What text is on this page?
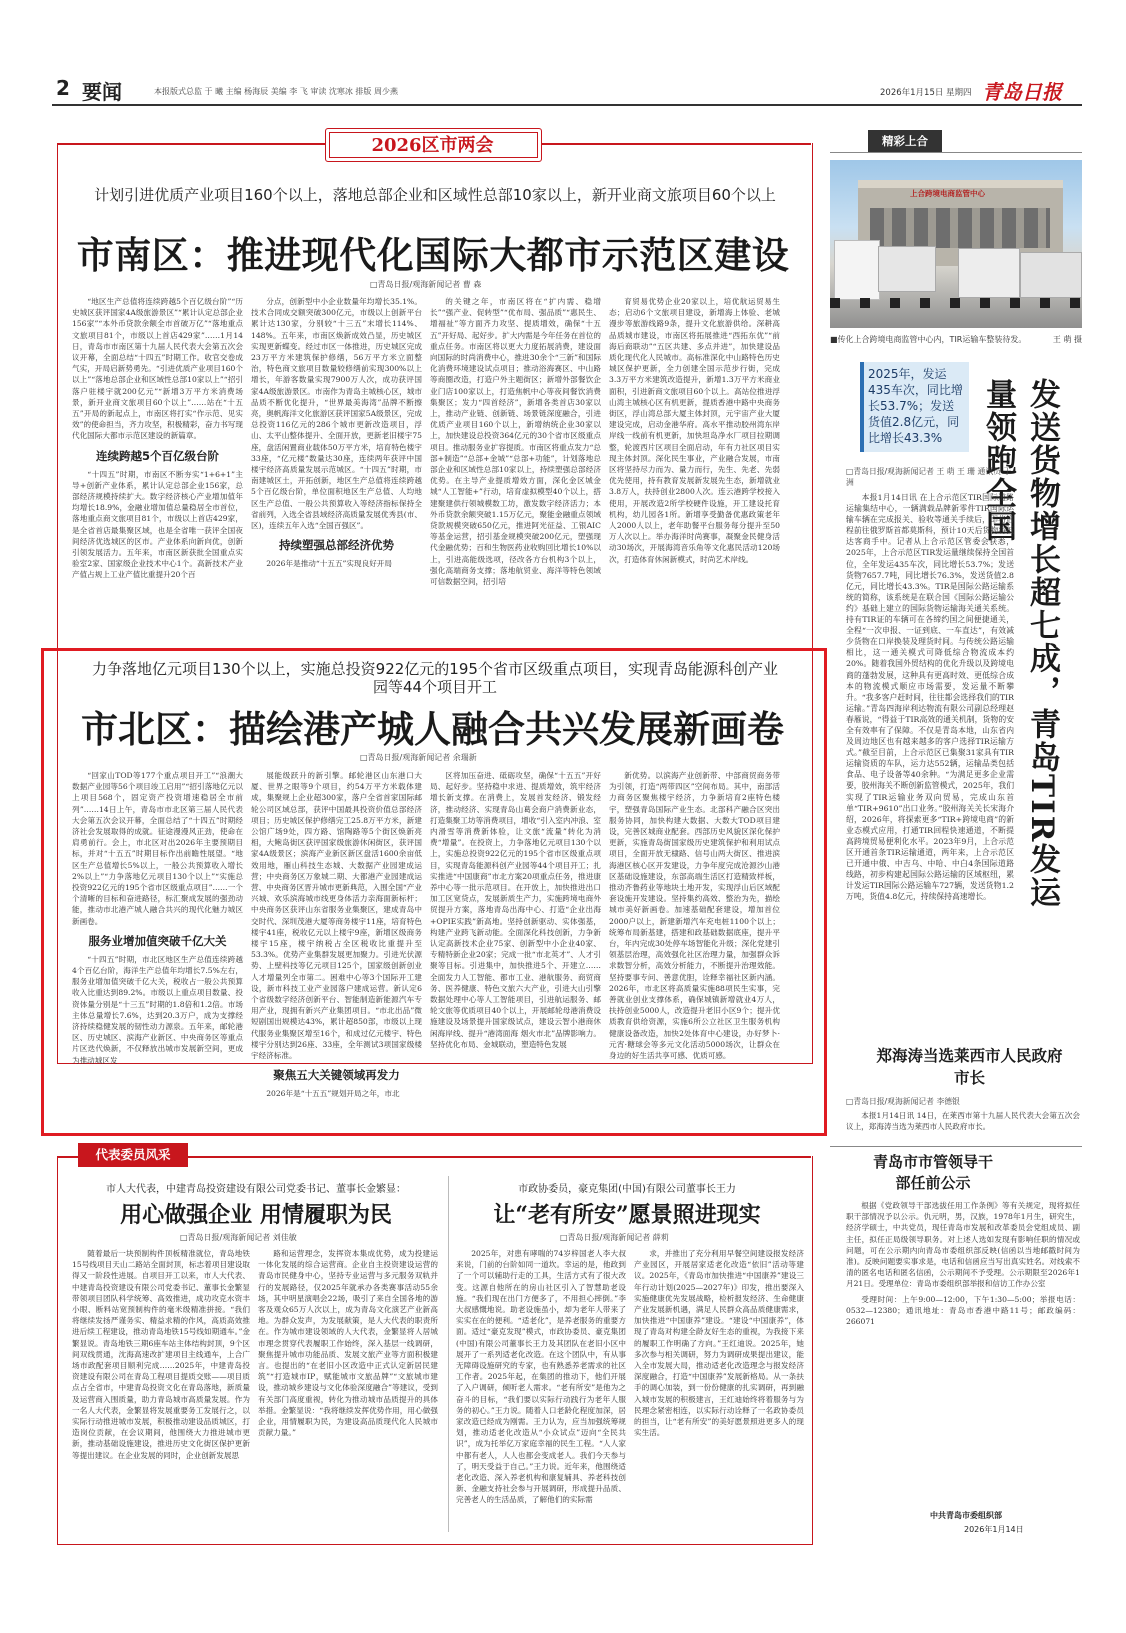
2 要闻	本报版式总监 于 曦 主编 杨海辰 美编 李 飞 审读 沈寒冰 排版 周少燕	2026年1月15日 星期四 青岛日报
2026区市两会
计划引进优质产业项目160个以上，落地总部企业和区域性总部10家以上，新开业商文旅项目60个以上
市南区：推进现代化国际大都市示范区建设
□青岛日报/观海新闻记者 曹 森

“地区生产总值将连续跨越5个百亿级台阶”“历史城区获评国家4A级旅游景区”“累计认定总部企业156家”“本外币贷款余额全市首破万亿”“落地重点文旅项目81个，市级以上首店429家”……1月14日，青岛市市南区第十九届人民代表大会第五次会议开幕，全面总结“十四五”时期工作。收官交卷成气实，开局启新势勇先。“引进优质产业项目160个以上”“落地总部企业和区域性总部10家以上”“招引落户驻楼宇就200亿元”“新增3万平方米消费场景，新开业商文旅项目60个以上”……站在“十五五”开局的新起点上，市南区将打实“作示范、见实效”的使命担当，齐力攻坚，积极精彩，奋力书写现代化国际大都市示范区建设的新篇章。

连续跨越5个百亿级台阶

“十四五”时期，市南区不断夯实“1+6+1”主导+创新产业体系，累计认定总部企业156家，总部经济规模持续扩大。数字经济核心产业增加值年均增长18.9%，金融业增加值总量稳居全市首位，落地重点商文旅项目81个，市级以上首店429家，是全省首店最集聚区域，也是全省唯一获评全国夜间经济优选城区的区市。产业体系向新向优，创新引领发展活力。五年来，市南区新获批全国重点实验室2家、国家级企业技术中心1个。高新技术产业产值占规上工业产值比重提升20个百

分点，创新型中小企业数量年均增长35.1%。技术合同成交额突破300亿元，市级以上创新平台累计达130家，分别较“十三五”末增长114%、148%。五年来，市南区焕新成效凸显，历史城区实现更新蝶变。经过市区一体推进，历史城区完成23万平方米建筑保护修缮，56万平方米立面整治，特色商文旅项目数量较修缮前实现300%以上增长，年游客数量实现7900万人次，成功获评国家4A级旅游景区。市南作为青岛主城核心区，城市品质不断优化提升，“世界最美海湾”品牌不断擦亮，奥帆海洋文化旅游区获评国家5A级景区，完成总投资116亿元的286个城市更新改造项目，浮山、太平山整体提升、全面开放，更新老旧楼宇75座，盘活闲置商业载体50万平方米，培育特色楼宇33座，“亿元楼”数量达30座，连续两年获评中国楼宇经济高质量发展示范城区。“十四五”时期，市南建城区土，开拓创新，地区生产总值将连续跨越5个百亿级台阶，单位面积地区生产总值、人均地区生产总值、一般公共预算收入等经济指标保持全省前列，入选全省县域经济高质量发展优秀县(市、区)，连续五年入选“全国百强区”。

持续塑强总部经济优势

2026年是推动“十五五”实现良好开局

的关键之年，市南区将在“扩内需、稳增长”“强产业、促转型”“优布局、强品质”“惠民生、增福祉”等方面齐力攻坚、提质增效，确保“十五五”开好局、起好步。扩大内需是今年任务在首位的重点任务。市南区将以更大力度拓展消费，建设面向国际的时尚消费中心，推进30余个“三新”和国际化消费环境建设试点项目；推动浴海赛区、中山路等商圈改造，打造户外主题街区；新增外部餐饮企业门店100家以上，打造焦帆中心等夜间餐饮消费集聚区；发力“四首经济”，新增各类首店30家以上，推动产业链、创新链、场景链深度融合，引进优质产业项目160个以上，新增纳统企业30家以上，加快建设总投资364亿元的30个省市区级重点项目。推动服务业扩容提质。市南区将重点发力“总部+制造”“总部+金城”“总部+功能”，计划落地总部企业和区域性总部10家以上，持续塑强总部经济优势。在主导产业提质增效方面，深化金区城金城“人工智能+”行动，培育虚拟模型40个以上，搭建聚建供行领城模数工坊，激发数字经济活力；本外币贷款余额突破1.15万亿元，聚能金融重点领域贷款规模突破650亿元，推进阿光征益、工银AIC等基金运营，招引基金规模突破200亿元，塑强现代金融优势；百和生物医药业收购回比增长10%以上，引进高能级选项，径改各方台机构3个以上，强化高端商务支撑；落地航贸业、海洋等特色领域可信数据空间，招引培

育贸易优势企业20家以上，培优航运贸易生态；启动6个文旅项目建设，新增海上体验、老城漫步等旅游线路9条，提升文化旅游供给。深耕高品质城市建设，市南区将拓展推进“西拓东优”“前海后商联动”“五区共建、多点并进”，加快建设品质化现代化人民城市。高标准深化中山路特色历史城区保护更新，全力创建全国示范步行街，完成3.3万平方米建筑改造提升，新增1.3万平方米商业面积，引进新商文旅项目60个以上。高站位推进浮山湾主城核心区有机更新，提质香港中路中央商务街区，浮山湾总部大厦主体封顶，元宇宙产业大厦建设完成，启动金港华府。高水平推动胶州湾东岸岸线一线前有机更新，加快坦岛净水厂项目拉期调整，轮渡西片区项目全面启动，年有力社区项目实现主体封顶。深化民生事业，产业融合发展，市南区将坚持尽力而为、量力而行，先生、先老、先弱优先使用，持有教育发展新发展先生态，新增就业3.8万人，扶持创业2800人次。连云港跨学校接入使用，开展改造2所学校硬件设施，开工建设托育机构，幼儿园各1所。新增享受勤备优惠政策老年人2000人以上，老年助餐平台服务每分提升至50万人次以上。举办海洋时尚赛事，凝聚金民健身活动30场次，开展海湾音乐角等文化惠民活动120场次，打造体育休闲新模式，时尚艺术岸线。

力争落地亿元项目130个以上，实施总投资922亿元的195个省市区级重点项目，实现青岛能源科创产业园等44个项目开工
市北区：描绘港产城人融合共兴发展新画卷
□青岛日报/观海新闻记者 余瑞新

“回家山TOD等177个重点项目开工”“浪潮大数据产业园等56个项目竣工启用”“招引落地亿元以上项目568个，固定资产投资增速稳居全市前列”……14日上午，青岛市市北区第三届人民代表大会第五次会议开幕，全面总结了“十四五”时期经济社会发展取得的成就。征途漫漫风正劲，使命在肩勇前行。会上，市北区对出2026年主要预期目标，并对“十五五”时期目标作出前瞻性展望。“地区生产总值增长5%以上，一般公共预算收入增长2%以上”“力争落地亿元项目130个以上”“实施总投资922亿元的195个省市区级重点项目”……一个个清晰的目标和奋进路径，标汇聚成发展的强劲动能，推动市北港产城人融合共兴的现代化魅力城区新画卷。

服务业增加值突破千亿大关

“十四五”时期，市北区地区生产总值连续跨越4个百亿台阶，海洋生产总值年均增长7.5%左右，服务业增加值突破千亿大关，税收占一般公共预算收入比重达到89.2%。市级以上重点项目数量、投资体量分别是“十三五”时期的1.8倍和1.2倍。市场主体总量增长7.6%，达到20.3万户，成为支撑经济持续稳健发展的韧性动力源泉。五年来，邮轮港区、历史城区、滨海产业新区、中央商务区等重点片区迭代焕新，不仅释放出城市发展新空间，更成为推动城区发

展能级跃升的新引擎。邮轮港区山东港口大厦、世界之眼等9个项目，约54万平方米载体建成，集聚规上企业超300家，落户全省首家国际邮轮公司区域总部，获评中国最具投资价值总部经济项目；历史城区保护修缮完工25.8万平方米，新建公馆广场9处，四方路、馆陶路等5个街区焕新亮相，大鲍岛街区获评国家级旅游休闲街区，获评国家4A级景区；滨海产业新区新区盘活1600余亩低效用地，雁山科技生态城、大数据产业园建成运营；中央商务区万象城二期、大都港产业园建成运营、中央商务区晋升城市更新典范，入围全国“产业兴城、欢乐滨海城市线更身体活力亲海面新标杆；中央商务区获评山东省服务业集聚区，建成青岛中交时代、深圳茂港大厦等商务楼宇11座，培育特色楼宇41座，税收亿元以上楼宇9座，新增区级商务楼宇15座，楼宇纳税占全区税收比重提升至53.3%。优势产业集群发展更加聚力。引进光伏源势、上壁科技等亿元项目125个，国家级创新创业人才增量列全市第二。困难中心等3个国际开工建设，新市科技工业产业园落户建成运营。新认定6个省级数字经济创新平台、智能制造新能源汽车专用产业，现拥有新兴产业集团项目。“市北出品”微短剧国出规模达43%，累计超850部，市级以上现代服务业集聚区增至16个，和成过亿元楼宇、特色楼宇分别达到26座、33座，全年测试3项国家级楼宇经济标准。

聚焦五大关键领域再发力

2026年是“十五五”规划开局之年，市北

区将加压奋进、砥砺攻坚，确保“十五五”开好局、起好步。坚持稳中求进、提质增效，筑牢经济增长新支撑。在消费上，发展首发经济、锻发经济，推动经济、实现青岛山葛会商户消费新业态，打造集聚工坊等消费项目，增收“引入室内冲浪、室内滑雪等消费新体验，让文旅“流量”转化为消费“增量”。在投资上，力争落地亿元项目130个以上，实施总投资922亿元的195个省市区级重点项目，实现青岛能源科创产业园等44个项目开工；扎实推进“中国康商”市北方案20项重点任务，推进康养中心等一批示范项目。在开放上，加快推进出口加工区宽贷点，发展新质生产力，实施跨境电商外贸提升方案，落地青岛出海中心、打造“企业出海+OPIE实践”新高地。坚持创新驱动、实体强基，构建产业跨飞新动能。全面深化科技创新，力争新认定高新技术企业75家、创新型中小企业40家、专精特新企业20家；完成一批“市北英才”、人才引聚等目标。引进集中，加快推进5个、开建立……全面发力人工智能、都市工业、港航服务、商贸商务、医养健康、特色文旅六大产业，引进大山引擎数据处理中心等人工智能项目，引进航运服务、邮轮文旅等优质项目40个以上，开展邮轮母港消费设施建设及场景提升国家级试点，建设云智小港商休闲海岸线、提升“港湾面海 烟火市北”品牌影响力。坚持优化布局、金城联动，塑造特色发展

新优势。以滨海产业创新带、中部商贸商务带为引领，打造“两带四区”空间布局。其中，南部活力商务区聚焦楼宇经济，力争新培育2座特色楼宇，塑强青岛国际产业生态。北部科产融合区突出服务协同，加快构建大数据、大数大TOD项目建设，完善区城商业配套。西部历史风貌区深化保护更新，实施青岛街国家级历史建筑保护和利用试点项目，全面开放无棣路、信号山两大街区、推进滨海港区核心区开发建设，力争年度完成沧源沙山港区基础设施建设，东部高端生活区打造精致样板，推动齐鲁药业等地块土地开发，实现浮山后区域配套设施开发建设。坚持集约高效、整治为先，描绘城市美好新画卷。加速基础配套建设，增加首位2000户以上，新建新增汽车充电桩1100个以上；统筹布局新基建，搭建和政基础数据底座，提升平台，年内完成30处停车场智能化升级；深化党建引领基层治理，高效强化社区治理力量，加强群众诉求数智分析，高效分析能力，不断提升治理效能。坚持要事专问、善意优胆，诠释幸福社区新内涵。2026年，市北区将高质量实施88项民生实事，完善就业创业支撑体系，确保城镇新增就业4万人，扶持创业5000人，改造提升老旧小区9个；提升优质教育供给资源，实施6所公立社区卫生服务机构健康设备改造，加快2处体育中心建设，办好梦卜·元宵·糖球会等多元文化活动5000场次，让群众在身边的好生活共享可感、优质可感。

精彩上合
上合跨境电商监管中心
■传化上合跨境电商监管中心内，TIR运输车整装待发。	王 萌 摄
2025年，发运435车次，同比增长53.7%；发送货值2.8亿元，同比增长43.3%	发送货物增长超七成，青岛TIR发运量领跑全国
□青岛日报/观海新闻记者 王 萌 王 珊 通讯员 于 洲

本报1月14日讯 在上合示范区TIR国际道路运输集结中心，一辆满载品牌新零件TIR国际运输车辆在完成报关、验收等通关手续后，即将启程前往俄罗斯首都莫斯科，预计10天后货物将抵达客商手中。记者从上合示范区管委会获悉，2025年，上合示范区TIR发运量继续保持全国首位，全年发运435车次，同比增长53.7%；发送货物7657.7吨，同比增长76.3%，发送货值2.8亿元，同比增长43.3%。TIR是国际公路运输系统的简称，该系统是在联合国《国际公路运输公约》基础上建立的国际货物运输海关通关系统。持有TIR证的车辆可在各缔约国之间便捷通关，全程“一次申报、一证到底、一车直达”，有效减少货物在口岸换装及理货时间。与传统公路运输相比，这一通关模式可降低综合物流成本约20%。随着我国外贸结构的优化升级以及跨境电商的蓬勃发展，这种具有更高时效、更低综合成本的物流模式顺应市场需要，发运量不断攀升。“我多客户赶时间，往往都会选择我们的TIR运输。”青岛四海岸利达物流有限公司副总经理赵春雁说，“得益于TIR高效的通关机制，货物的安全有效率有了保障。不仅是青岛本地，山东省内及周边地区也有越来越多的客户选择TIR运输方式。”截至目前，上合示范区已集聚31家具有TIR运输资质的车队，运力达552辆，运输品类包括食品、电子设备等40余种。“为满足更多企业需要，胶州海关不断创新监管模式，2025年，我们实现了TIR运输业务双向贸易，完成山东首单“TIR+9610”出口业务。”胶州海关关长宋海介绍，2026年，将探索更多“TIR+跨境电商”的新业态模式应用，打通TIR回程快速通道，不断提高跨境贸易便利化水平。2023年9月，上合示范区开通首条TIR运输通道，两年来，上合示范区已开通中俄、中吉乌、中哈、中白4条国际道路线路，初步构建起国际公路运输的区域枢纽，累计发运TIR国际公路运输车727辆，发送货物1.2万吨，货值4.8亿元，持续保持高速增长。

郑海涛当选莱西市人民政府市长
□青岛日报/观海新闻记者 李德银

本报1月14日讯 14日，在莱西市第十九届人民代表大会第五次会议上，郑海涛当选为莱西市人民政府市长。

青岛市市管领导干部任前公示

根据《党政领导干部选拔任用工作条例》等有关规定，现将拟任职干部情况予以公示。仇元明，男，汉族，1978年1月生，研究生，经济学硕士，中共党员，现任青岛市发展和改革委员会党组成员、副主任，拟任正局级领导职务。对上述人选如发现有影响任职的情况或问题，可在公示期内向青岛市委组织部反映(信函以当地邮戳时间为准)。反映问题要实事求是，电话和信函应当写出真实姓名。对线索不清的匿名电话和匿名信函，公示期间不予受理。公示期限至2026年1月21日。受理单位：青岛市委组织部举报和信访工作办公室

受理时间：上午9:00—12:00，下午1:30—5:00；举报电话：0532—12380；通讯地址：青岛市香港中路11号；邮政编码：266071

中共青岛市委组织部
2026年1月14日
代表委员风采
市人大代表，中建青岛投资建设有限公司党委书记、董事长金繁显：
用心做强企业 用情履职为民
□青岛日报/观海新闻记者 刘佳敏

随着最后一块预制构件顶板精准就位，青岛地铁15号线项目天山二路站全面封顶，标志着项目建设取得又一阶段性进展。自项目开工以来，市人大代表、中建青岛投资建设有限公司党委书记、董事长金繁显带领项目团队科学统筹、高效推进，成功攻克水资丰小眼、断料站宽预制构件的毫米级精准拼接。“我们将继续发扬严谨务实、精益求精的作风，高质高效推进后续工程建设，推动青岛地铁15号线如期通车。”金繁显说。青岛地铁三期6座车站主体结构封顶，9个区间双线贯通，沈海高速改扩建项目主线通车，上合广场市政配套项目顺利完成……2025年，中建青岛投资建设有限公司在青岛工程项目提质交账——项目质点占全省市，中建青岛投资文化在青岛落地，新质量及运营商入围质量，助力青岛城市高质量发展。作为一名人大代表，金繁显将发展重要务工发展行之，以实际行动推进城市发展，积极推动建设品质城区，打造岗位贡献，在会议期间，他围绕大力推进城市更新，推动基础设施建设，推进历史文化街区保护更新等提出建议。在企业发展的同时，企业创新发展思

路和运营理念，发挥资本集成优势，成为投建运一体化发展的综合运营商。企业自主投资建设运营的青岛市民健身中心，坚持专业运营与多元服务双轨并行的发展路径，仅2025年就承办各类赛事活动55余场，其中明星演唱会22场，吸引了来自全国各地的游客及观众65万人次以上，成为青岛文化演艺产业新高地。为群众发声，为发展献策，是人大代表的职责所在。作为城市建设领域的人大代表，金繁显将人居城市理念贯穿代表履职工作始终，深入基层一线调研，聚焦提升城市功能品质、发展文旅产业等方面积极建言。也提出的“在老旧小区改造中正式认定新居民建筑”“打造城市IP，赋能城市文旅品牌”“文旅城市建设，推动城乡建设与文化体验深度融合”等建议，受到有关部门高度重视，转化为推动城市品质提升的具体举措。金繁显说：“我将继续发挥优势作用，用心做强企业，用情履职为民，为建设高品质现代化人民城市贡献力量。”

市政协委员，豪克集团(中国)有限公司董事长王力
让“老有所安”愿景照进现实
□青岛日报/观海新闻记者 薛莉

2025年，对患有哮喘的74岁梓国老人李大叔来说，门前的台阶如同一道坎。幸运的是，他政到了一个可以辅助行走的工具，生活方式有了很大改变。这源自他所在的房山社区引入了智慧助老设施。“我们现在出门方便多了，不用担心摔倒。”李大叔感慨地说。助老设施虽小，却为老年人带来了实实在在的便利。“适老化”，是养老服务的重要方面。适过“豪克发现”模式，市政协委员、豪克集团(中国)有限公司董事长王力及其团队在老旧小区中展开了一系列适老化改造。在这个团队中，有从事无障碍设施研究的专家，也有熟悉养老需求的社区工作者。2025年起，在集团的推动下，他们开展了入户调研，倾听老人需求。“老有所安”是他为之奋斗的目标，“我们要以实际行动践行为老年人服务的初心。”王力说。随着人口老龄化程度加深，居家改造已经成为刚需。王力认为，应当加强统筹规划，推动适老化改造从“小众试点”迈向“全民共识”，成为托举亿万家庭幸福的民生工程。“人人家中都有老人，人人也都会变成老人。我们今天参与了，明天受益于自己。”王力说。近年来，他围绕适老化改造、深入养老机构和康复辅具、养老科技创新、金融支持社会参与开展调研，形成提升品质、完善老人的生活品质，了解他们的实际需

求，并推出了充分利用早餐空间建设报发经济产业园区，开展居家适老化改造“依旧”活动等建议。2025年，《青岛市加快推进“中国康养”建设三年行动计划(2025—2027年)》印发，推出要深入实施健康优先发展战略，检析报发经济、生命健康产业发展新机遇，满足人民群众高品质健康需求，加快推进“中国康养”建设。“建设“中国康养”，体现了青岛对构建全龄友好生态的重视，为我接下来的履职工作明确了方向。”王红迪说。2025年，她多次参与相关调研，努力为调研成果提出建议，能入全市发展大局，推动适老化改造理念与报发经济深度融合，打造“中国康养”发展新格局。从一条扶手的调心加装，到一份份健康的扎实调研，再到融入城市发展的积极建言，王红迪始终将着服务与为民理念紧密相连，以实际行动诠释了一名政协委员的担当，让“老有所安”的美好愿景照进更多人的现实生活。
